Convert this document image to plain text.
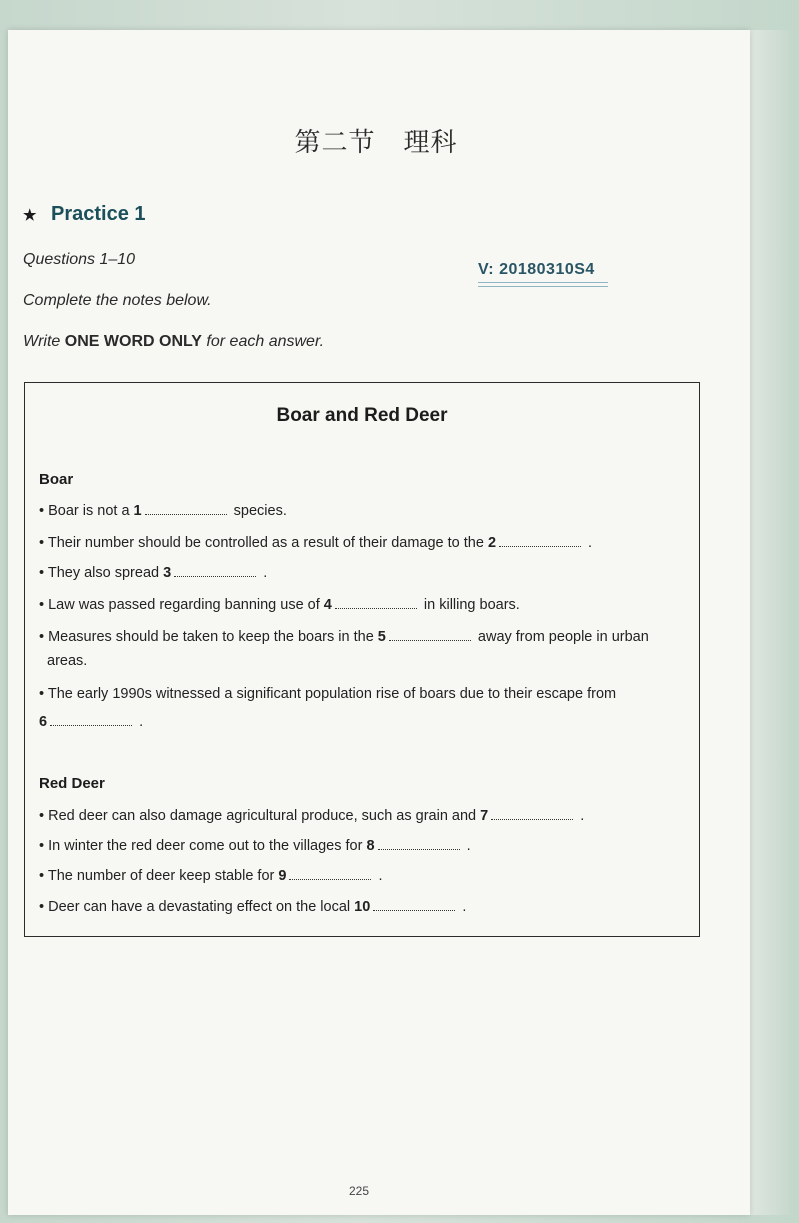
第二节 理科
★ Practice 1
Questions 1–10
V: 20180310S4
Complete the notes below.
Write ONE WORD ONLY for each answer.
Boar and Red Deer
Boar
• Boar is not a 1	species.
• Their number should be controlled as a result of their damage to the 2	.
• They also spread 3	.
• Law was passed regarding banning use of 4	in killing boars.
• Measures should be taken to keep the boars in the 5	away from people in urban
areas.
• The early 1990s witnessed a significant population rise of boars due to their escape from
6	.
Red Deer
• Red deer can also damage agricultural produce, such as grain and 7	.
• In winter the red deer come out to the villages for 8	.
• The number of deer keep stable for 9	.
• Deer can have a devastating effect on the local 10	.
225
